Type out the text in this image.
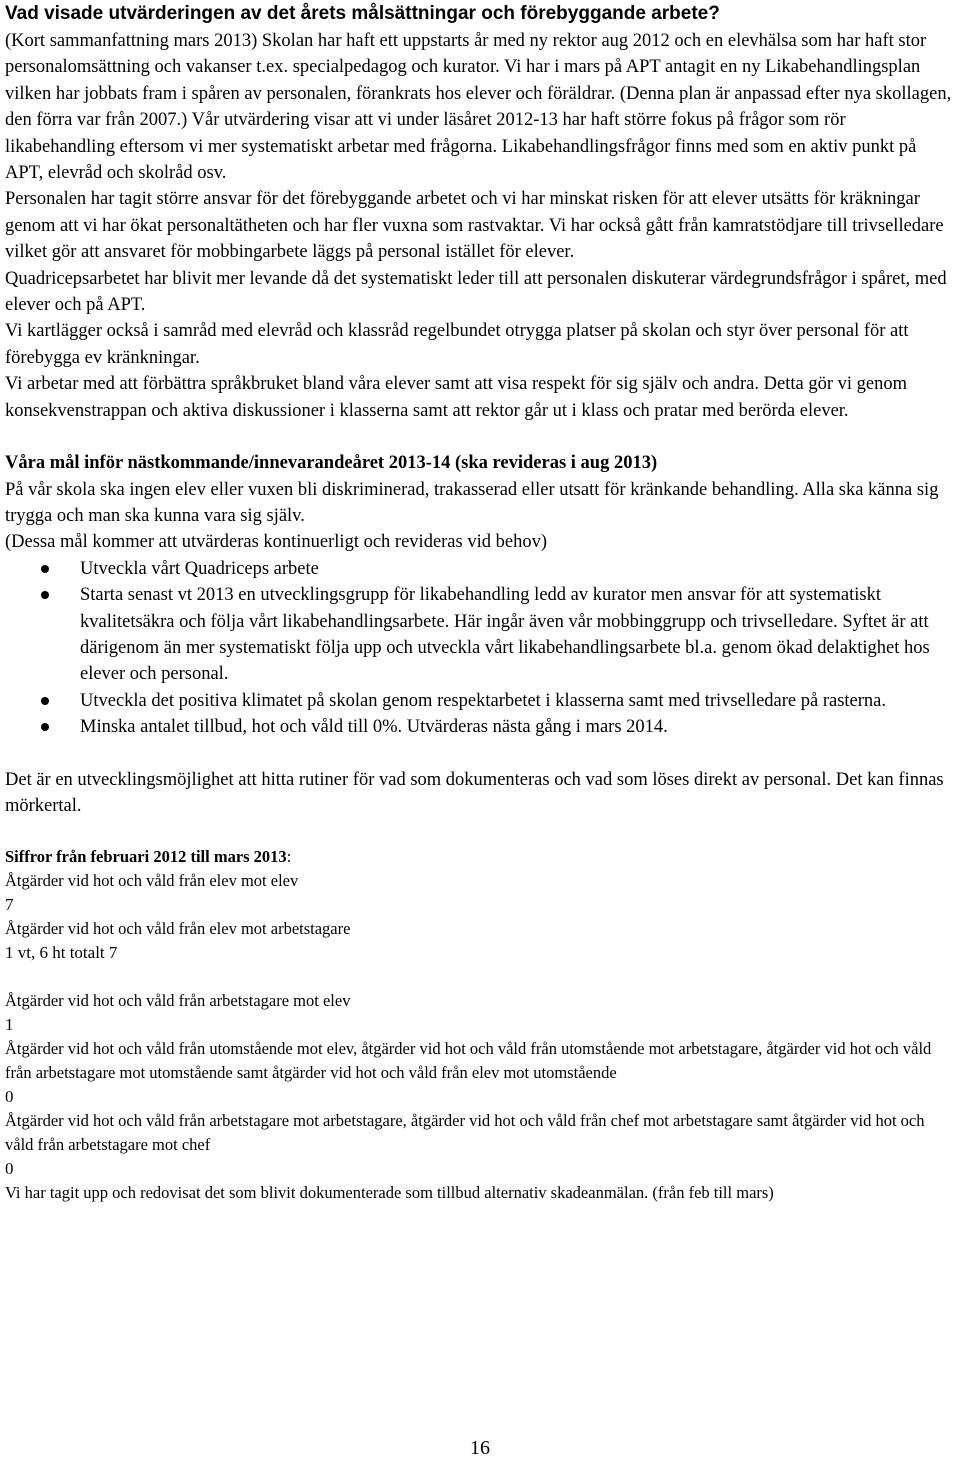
Vad visade utvärderingen av det årets målsättningar och förebyggande arbete?

(Kort sammanfattning mars 2013) Skolan har haft ett uppstarts år med ny rektor aug 2012 och en elevhälsa som har haft stor personalomsättning och vakanser t.ex. specialpedagog och kurator. Vi har i mars på APT antagit en ny Likabehandlingsplan vilken har jobbats fram i spåren av personalen, förankrats hos elever och föräldrar. (Denna plan är anpassad efter nya skollagen, den förra var från 2007.) Vår utvärdering visar att vi under läsåret 2012-13 har haft större fokus på frågor som rör likabehandling eftersom vi mer systematiskt arbetar med frågorna. Likabehandlingsfrågor finns med som en aktiv punkt på APT, elevråd och skolråd osv.

Personalen har tagit större ansvar för det förebyggande arbetet och vi har minskat risken för att elever utsätts för kräkningar genom att vi har ökat personaltätheten och har fler vuxna som rastvaktar. Vi har också gått från kamratstödjare till trivselledare vilket gör att ansvaret för mobbingarbete läggs på personal istället för elever.

Quadricepsarbetet har blivit mer levande då det systematiskt leder till att personalen diskuterar värdegrundsfrågor i spåret, med elever och på APT.

Vi kartlägger också i samråd med elevråd och klassråd regelbundet otrygga platser på skolan och styr över personal för att förebygga ev kränkningar.

Vi arbetar med att förbättra språkbruket bland våra elever samt att visa respekt för sig själv och andra. Detta gör vi genom konsekvenstrappan och aktiva diskussioner i klasserna samt att rektor går ut i klass och pratar med berörda elever.

Våra mål inför nästkommande/innevarandeåret 2013-14 (ska revideras i aug 2013)

På vår skola ska ingen elev eller vuxen bli diskriminerad, trakasserad eller utsatt för kränkande behandling. Alla ska känna sig trygga och man ska kunna vara sig själv.

(Dessa mål kommer att utvärderas kontinuerligt och revideras vid behov)

Utveckla vårt Quadriceps arbete
Starta senast vt 2013 en utvecklingsgrupp för likabehandling ledd av kurator men ansvar för att systematiskt kvalitetsäkra och följa vårt likabehandlingsarbete. Här ingår även vår mobbinggrupp och trivselledare. Syftet är att därigenom än mer systematiskt följa upp och utveckla vårt likabehandlingsarbete bl.a. genom ökad delaktighet hos elever och personal.
Utveckla det positiva klimatet på skolan genom respektarbetet i klasserna samt med trivselledare på rasterna.
Minska antalet tillbud, hot och våld till 0%. Utvärderas nästa gång i mars 2014.

Det är en utvecklingsmöjlighet att hitta rutiner för vad som dokumenteras och vad som löses direkt av personal. Det kan finnas mörkertal.

Siffror från februari 2012 till mars 2013:

Åtgärder vid hot och våld från elev mot elev

7

Åtgärder vid hot och våld från elev mot arbetstagare

1 vt, 6 ht totalt 7

Åtgärder vid hot och våld från arbetstagare mot elev

1

Åtgärder vid hot och våld från utomstående mot elev, åtgärder vid hot och våld från utomstående mot arbetstagare, åtgärder vid hot och våld från arbetstagare mot utomstående samt åtgärder vid hot och våld från elev mot utomstående

0

Åtgärder vid hot och våld från arbetstagare mot arbetstagare, åtgärder vid hot och våld från chef mot arbetstagare samt åtgärder vid hot och våld från arbetstagare mot chef

0

Vi har tagit upp och redovisat det som blivit dokumenterade som tillbud alternativ skadeanmälan. (från feb till mars)

16
